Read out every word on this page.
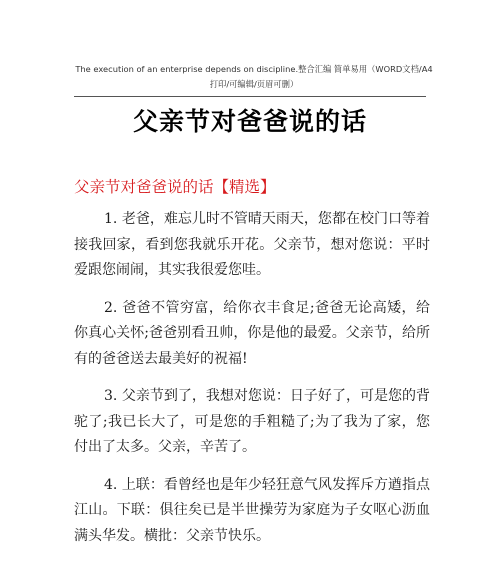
The execution of an enterprise depends on discipline.整合汇编 简单易用（WORD文档/A4打印/可编辑/页眉可删）
父亲节对爸爸说的话
父亲节对爸爸说的话【精选】

1. 老爸，难忘儿时不管晴天雨天，您都在校门口等着接我回家，看到您我就乐开花。父亲节，想对您说：平时爱跟您闹闹，其实我很爱您哇。

2. 爸爸不管穷富，给你衣丰食足;爸爸无论高矮，给你真心关怀;爸爸别看丑帅，你是他的最爱。父亲节，给所有的爸爸送去最美好的祝福!

3. 父亲节到了，我想对您说：日子好了，可是您的背驼了;我已长大了，可是您的手粗糙了;为了我为了家，您付出了太多。父亲，辛苦了。

4. 上联：看曾经也是年少轻狂意气风发挥斥方遒指点江山。下联：俱往矣已是半世操劳为家庭为子女呕心沥血满头华发。横批：父亲节快乐。
